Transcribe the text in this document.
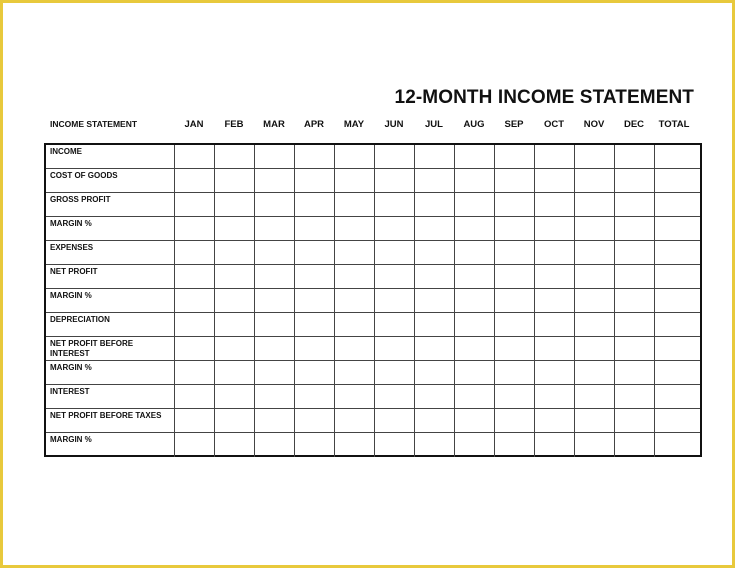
12-MONTH INCOME STATEMENT
INCOME STATEMENT	JAN	FEB	MAR	APR	MAY	JUN	JUL	AUG	SEP	OCT	NOV	DEC	TOTAL
INCOME
COST OF GOODS
GROSS PROFIT
MARGIN %
EXPENSES
NET PROFIT
MARGIN %
DEPRECIATION
NET PROFIT BEFORE INTEREST
MARGIN %
INTEREST
NET PROFIT BEFORE TAXES
MARGIN %
